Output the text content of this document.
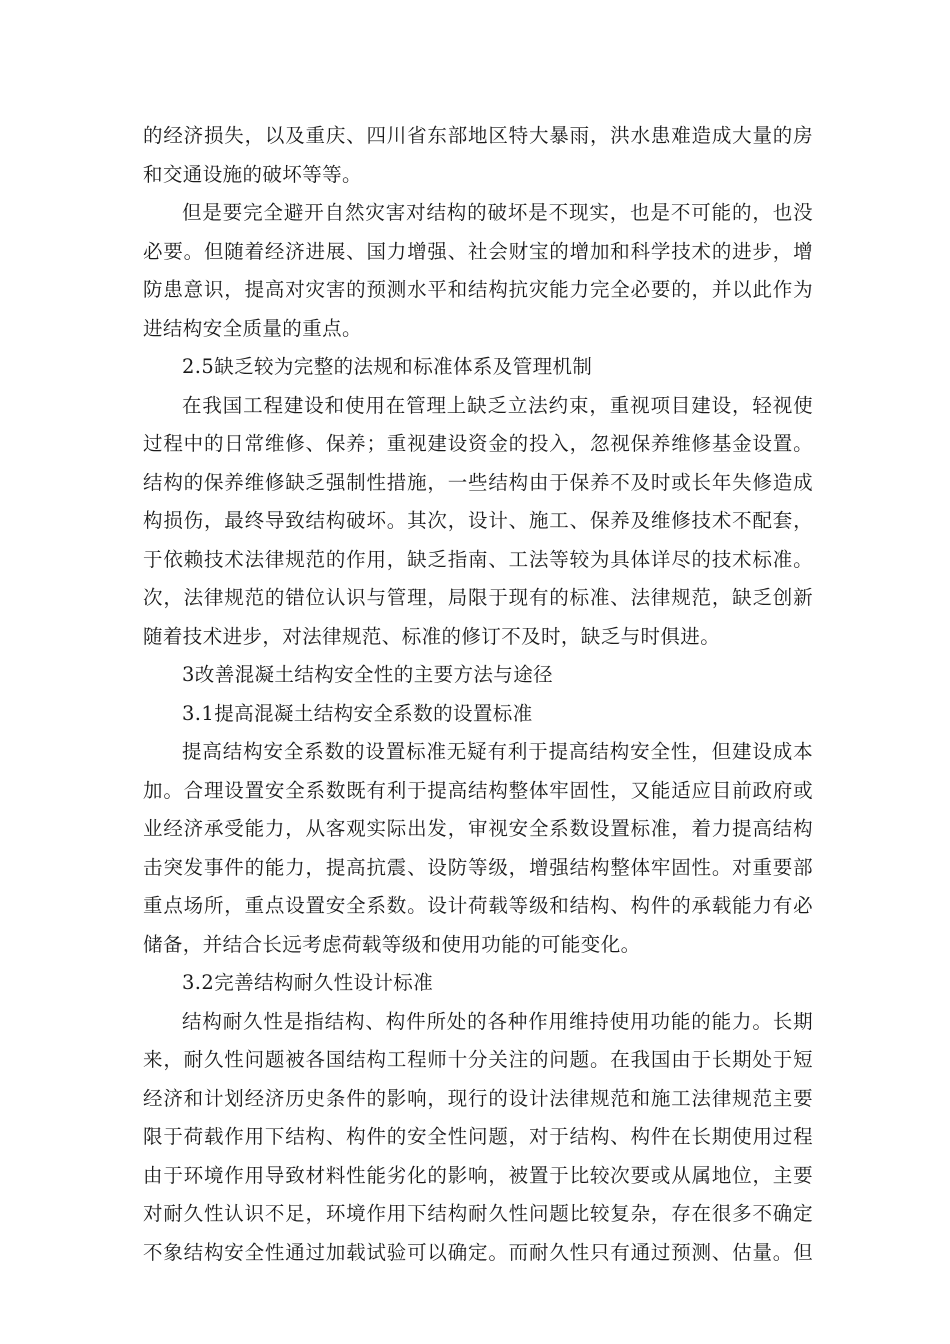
的经济损失，以及重庆、四川省东部地区特大暴雨，洪水患难造成大量的房
和交通设施的破坏等等。
但是要完全避开自然灾害对结构的破坏是不现实，也是不可能的，也没
必要。但随着经济进展、国力增强、社会财宝的增加和科学技术的进步，增
防患意识，提高对灾害的预测水平和结构抗灾能力完全必要的，并以此作为
进结构安全质量的重点。
2.5缺乏较为完整的法规和标准体系及管理机制
在我国工程建设和使用在管理上缺乏立法约束，重视项目建设，轻视使
过程中的日常维修、保养；重视建设资金的投入，忽视保养维修基金设置。
结构的保养维修缺乏强制性措施，一些结构由于保养不及时或长年失修造成
构损伤，最终导致结构破坏。其次，设计、施工、保养及维修技术不配套，
于依赖技术法律规范的作用，缺乏指南、工法等较为具体详尽的技术标准。
次，法律规范的错位认识与管理，局限于现有的标准、法律规范，缺乏创新
随着技术进步，对法律规范、标准的修订不及时，缺乏与时俱进。
3改善混凝土结构安全性的主要方法与途径
3.1提高混凝土结构安全系数的设置标准
提高结构安全系数的设置标准无疑有利于提高结构安全性，但建设成本
加。合理设置安全系数既有利于提高结构整体牢固性，又能适应目前政府或
业经济承受能力，从客观实际出发，审视安全系数设置标准，着力提高结构
击突发事件的能力，提高抗震、设防等级，增强结构整体牢固性。对重要部
重点场所，重点设置安全系数。设计荷载等级和结构、构件的承载能力有必
储备，并结合长远考虑荷载等级和使用功能的可能变化。
3.2完善结构耐久性设计标准
结构耐久性是指结构、构件所处的各种作用维持使用功能的能力。长期
来，耐久性问题被各国结构工程师十分关注的问题。在我国由于长期处于短
经济和计划经济历史条件的影响，现行的设计法律规范和施工法律规范主要
限于荷载作用下结构、构件的安全性问题，对于结构、构件在长期使用过程
由于环境作用导致材料性能劣化的影响，被置于比较次要或从属地位，主要
对耐久性认识不足，环境作用下结构耐久性问题比较复杂，存在很多不确定
不象结构安全性通过加载试验可以确定。而耐久性只有通过预测、估量。但
